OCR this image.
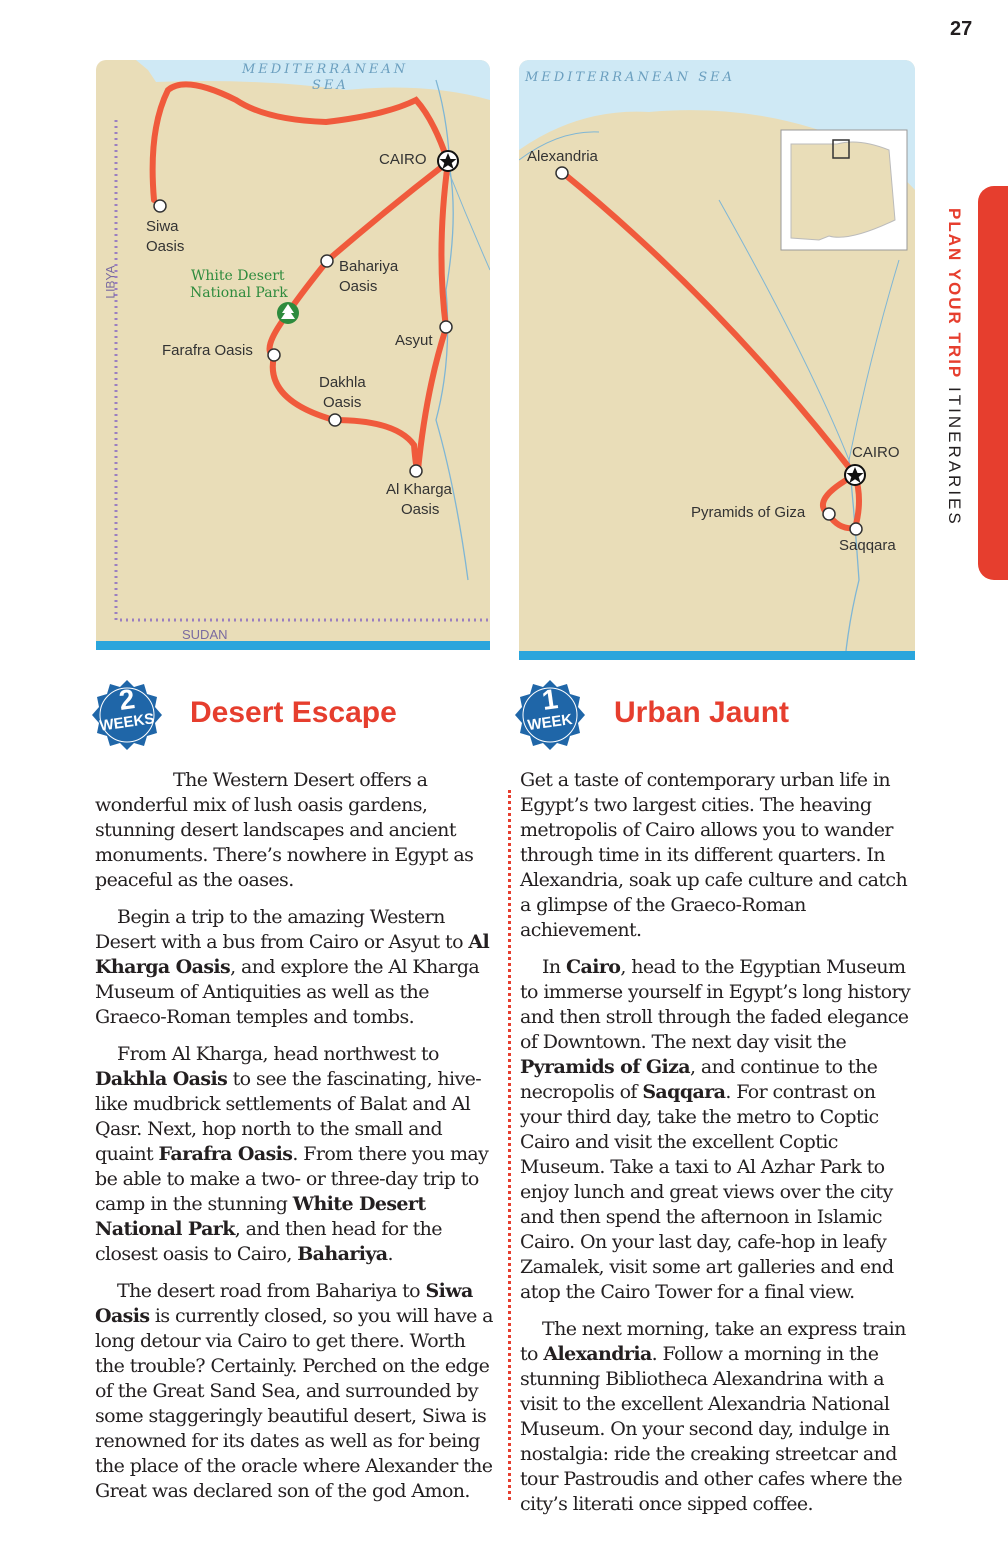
27
PLAN YOUR TRIP ITINERARIES
MEDITERRANEAN
SEA
CAIRO
Siwa
Oasis
White Desert
National Park
Bahariya
Oasis
Farafra Oasis
Asyut
Dakhla
Oasis
Al Kharga
Oasis
SUDAN
LIBYA
MEDITERRANEAN SEA
Alexandria
CAIRO
Pyramids of Giza
Saqqara
2
WEEKS	Desert Escape	1
WEEK	Urban Jaunt

The Western Desert offers a wonderful mix of lush oasis gardens, stunning desert landscapes and ancient monuments. There’s nowhere in Egypt as peaceful as the oases.

Begin a trip to the amazing Western Desert with a bus from Cairo or Asyut to Al Kharga Oasis, and explore the Al Kharga Museum of Antiquities as well as the Graeco-Roman temples and tombs.

From Al Kharga, head northwest to Dakhla Oasis to see the fascinating, hive-like mudbrick settlements of Balat and Al Qasr. Next, hop north to the small and quaint Farafra Oasis. From there you may be able to make a two- or three-day trip to camp in the stunning White Desert National Park, and then head for the closest oasis to Cairo, Bahariya.

The desert road from Bahariya to Siwa Oasis is currently closed, so you will have a long detour via Cairo to get there. Worth the trouble? Certainly. Perched on the edge of the Great Sand Sea, and surrounded by some staggeringly beautiful desert, Siwa is renowned for its dates as well as for being the place of the oracle where Alexander the Great was declared son of the god Amon.

Get a taste of contemporary urban life in Egypt’s two largest cities. The heaving metropolis of Cairo allows you to wander through time in its different quarters. In Alexandria, soak up cafe culture and catch a glimpse of the Graeco-Roman achievement.

In Cairo, head to the Egyptian Museum to immerse yourself in Egypt’s long history and then stroll through the faded elegance of Downtown. The next day visit the Pyramids of Giza, and continue to the necropolis of Saqqara. For contrast on your third day, take the metro to Coptic Cairo and visit the excellent Coptic Museum. Take a taxi to Al Azhar Park to enjoy lunch and great views over the city and then spend the afternoon in Islamic Cairo. On your last day, cafe-hop in leafy Zamalek, visit some art galleries and end atop the Cairo Tower for a final view.

The next morning, take an express train to Alexandria. Follow a morning in the stunning Bibliotheca Alexandrina with a visit to the excellent Alexandria National Museum. On your second day, indulge in nostalgia: ride the creaking streetcar and tour Pastroudis and other cafes where the city’s literati once sipped coffee.
